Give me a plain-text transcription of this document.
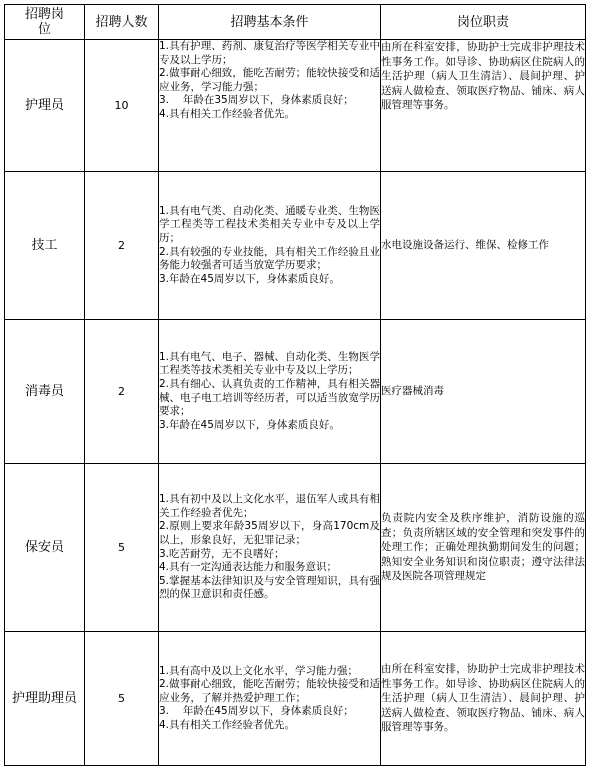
招聘岗位	招聘人数	招聘基本条件	岗位职责
护理员	10	1.具有护理、药剂、康复治疗等医学相关专业中专及以上学历；
2.做事耐心细致，能吃苦耐劳；能较快接受和适应业务，学习能力强；
3.　 年龄在35周岁以下，身体素质良好；
4.具有相关工作经验者优先。	由所在科室安排，协助护士完成非护理技术性事务工作。如导诊、协助病区住院病人的生活护理（病人卫生清洁）、晨间护理、护送病人做检查、领取医疗物品、铺床、病人服管理等事务。
技工	2	1.具有电气类、自动化类、通暖专业类、生物医学工程类等工程技术类相关专业中专及以上学历；
2.具有较强的专业技能，具有相关工作经验且业务能力较强者可适当放宽学历要求；
3.年龄在45周岁以下，身体素质良好。	水电设施设备运行、维保、检修工作
消毒员	2	1.具有电气、电子、器械、自动化类、生物医学工程类等技术类相关专业中专及以上学历；
2.具有细心、认真负责的工作精神，具有相关器械、电子电工培训等经历者，可以适当放宽学历要求；
3.年龄在45周岁以下，身体素质良好。	医疗器械消毒
保安员	5	1.具有初中及以上文化水平，退伍军人或具有相关工作经验者优先；
2.原则上要求年龄35周岁以下，身高170cm及以上，形象良好，无犯罪记录；
3.吃苦耐劳，无不良嗜好；
4.具有一定沟通表达能力和服务意识；
5.掌握基本法律知识及与安全管理知识，具有强烈的保卫意识和责任感。	负责院内安全及秩序维护，消防设施的巡查；负责所辖区域的安全管理和突发事件的处理工作；正确处理执勤期间发生的问题；熟知安全业务知识和岗位职责；遵守法律法规及医院各项管理规定
护理助理员	5	1.具有高中及以上文化水平，学习能力强；
2.做事耐心细致，能吃苦耐劳；能较快接受和适应业务，了解并热爱护理工作；
3.　 年龄在45周岁以下，身体素质良好；
4.具有相关工作经验者优先。	由所在科室安排，协助护士完成非护理技术性事务工作。如导诊、协助病区住院病人的生活护理（病人卫生清洁）、晨间护理、护送病人做检查、领取医疗物品、铺床、病人服管理等事务。
